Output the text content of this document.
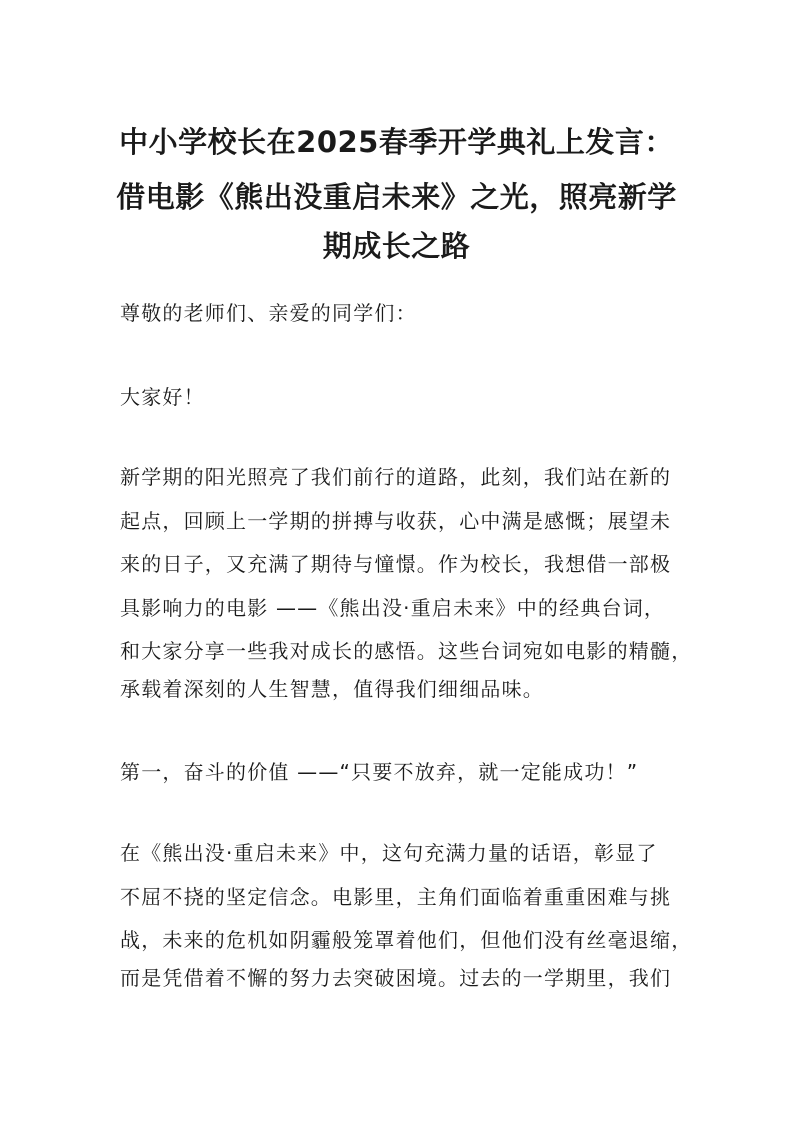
中小学校长在2025春季开学典礼上发言：
借电影《熊出没重启未来》之光，照亮新学
期成长之路
尊敬的老师们、亲爱的同学们：
大家好！
新学期的阳光照亮了我们前行的道路，此刻，我们站在新的
起点，回顾上一学期的拼搏与收获，心中满是感慨；展望未
来的日子，又充满了期待与憧憬。作为校长，我想借一部极
具影响力的电影 ——《熊出没·重启未来》中的经典台词，
和大家分享一些我对成长的感悟。这些台词宛如电影的精髓，
承载着深刻的人生智慧，值得我们细细品味。
第一，奋斗的价值 ——“只要不放弃，就一定能成功！”
在《熊出没·重启未来》中，这句充满力量的话语，彰显了
不屈不挠的坚定信念。电影里，主角们面临着重重困难与挑
战，未来的危机如阴霾般笼罩着他们，但他们没有丝毫退缩，
而是凭借着不懈的努力去突破困境。过去的一学期里，我们
